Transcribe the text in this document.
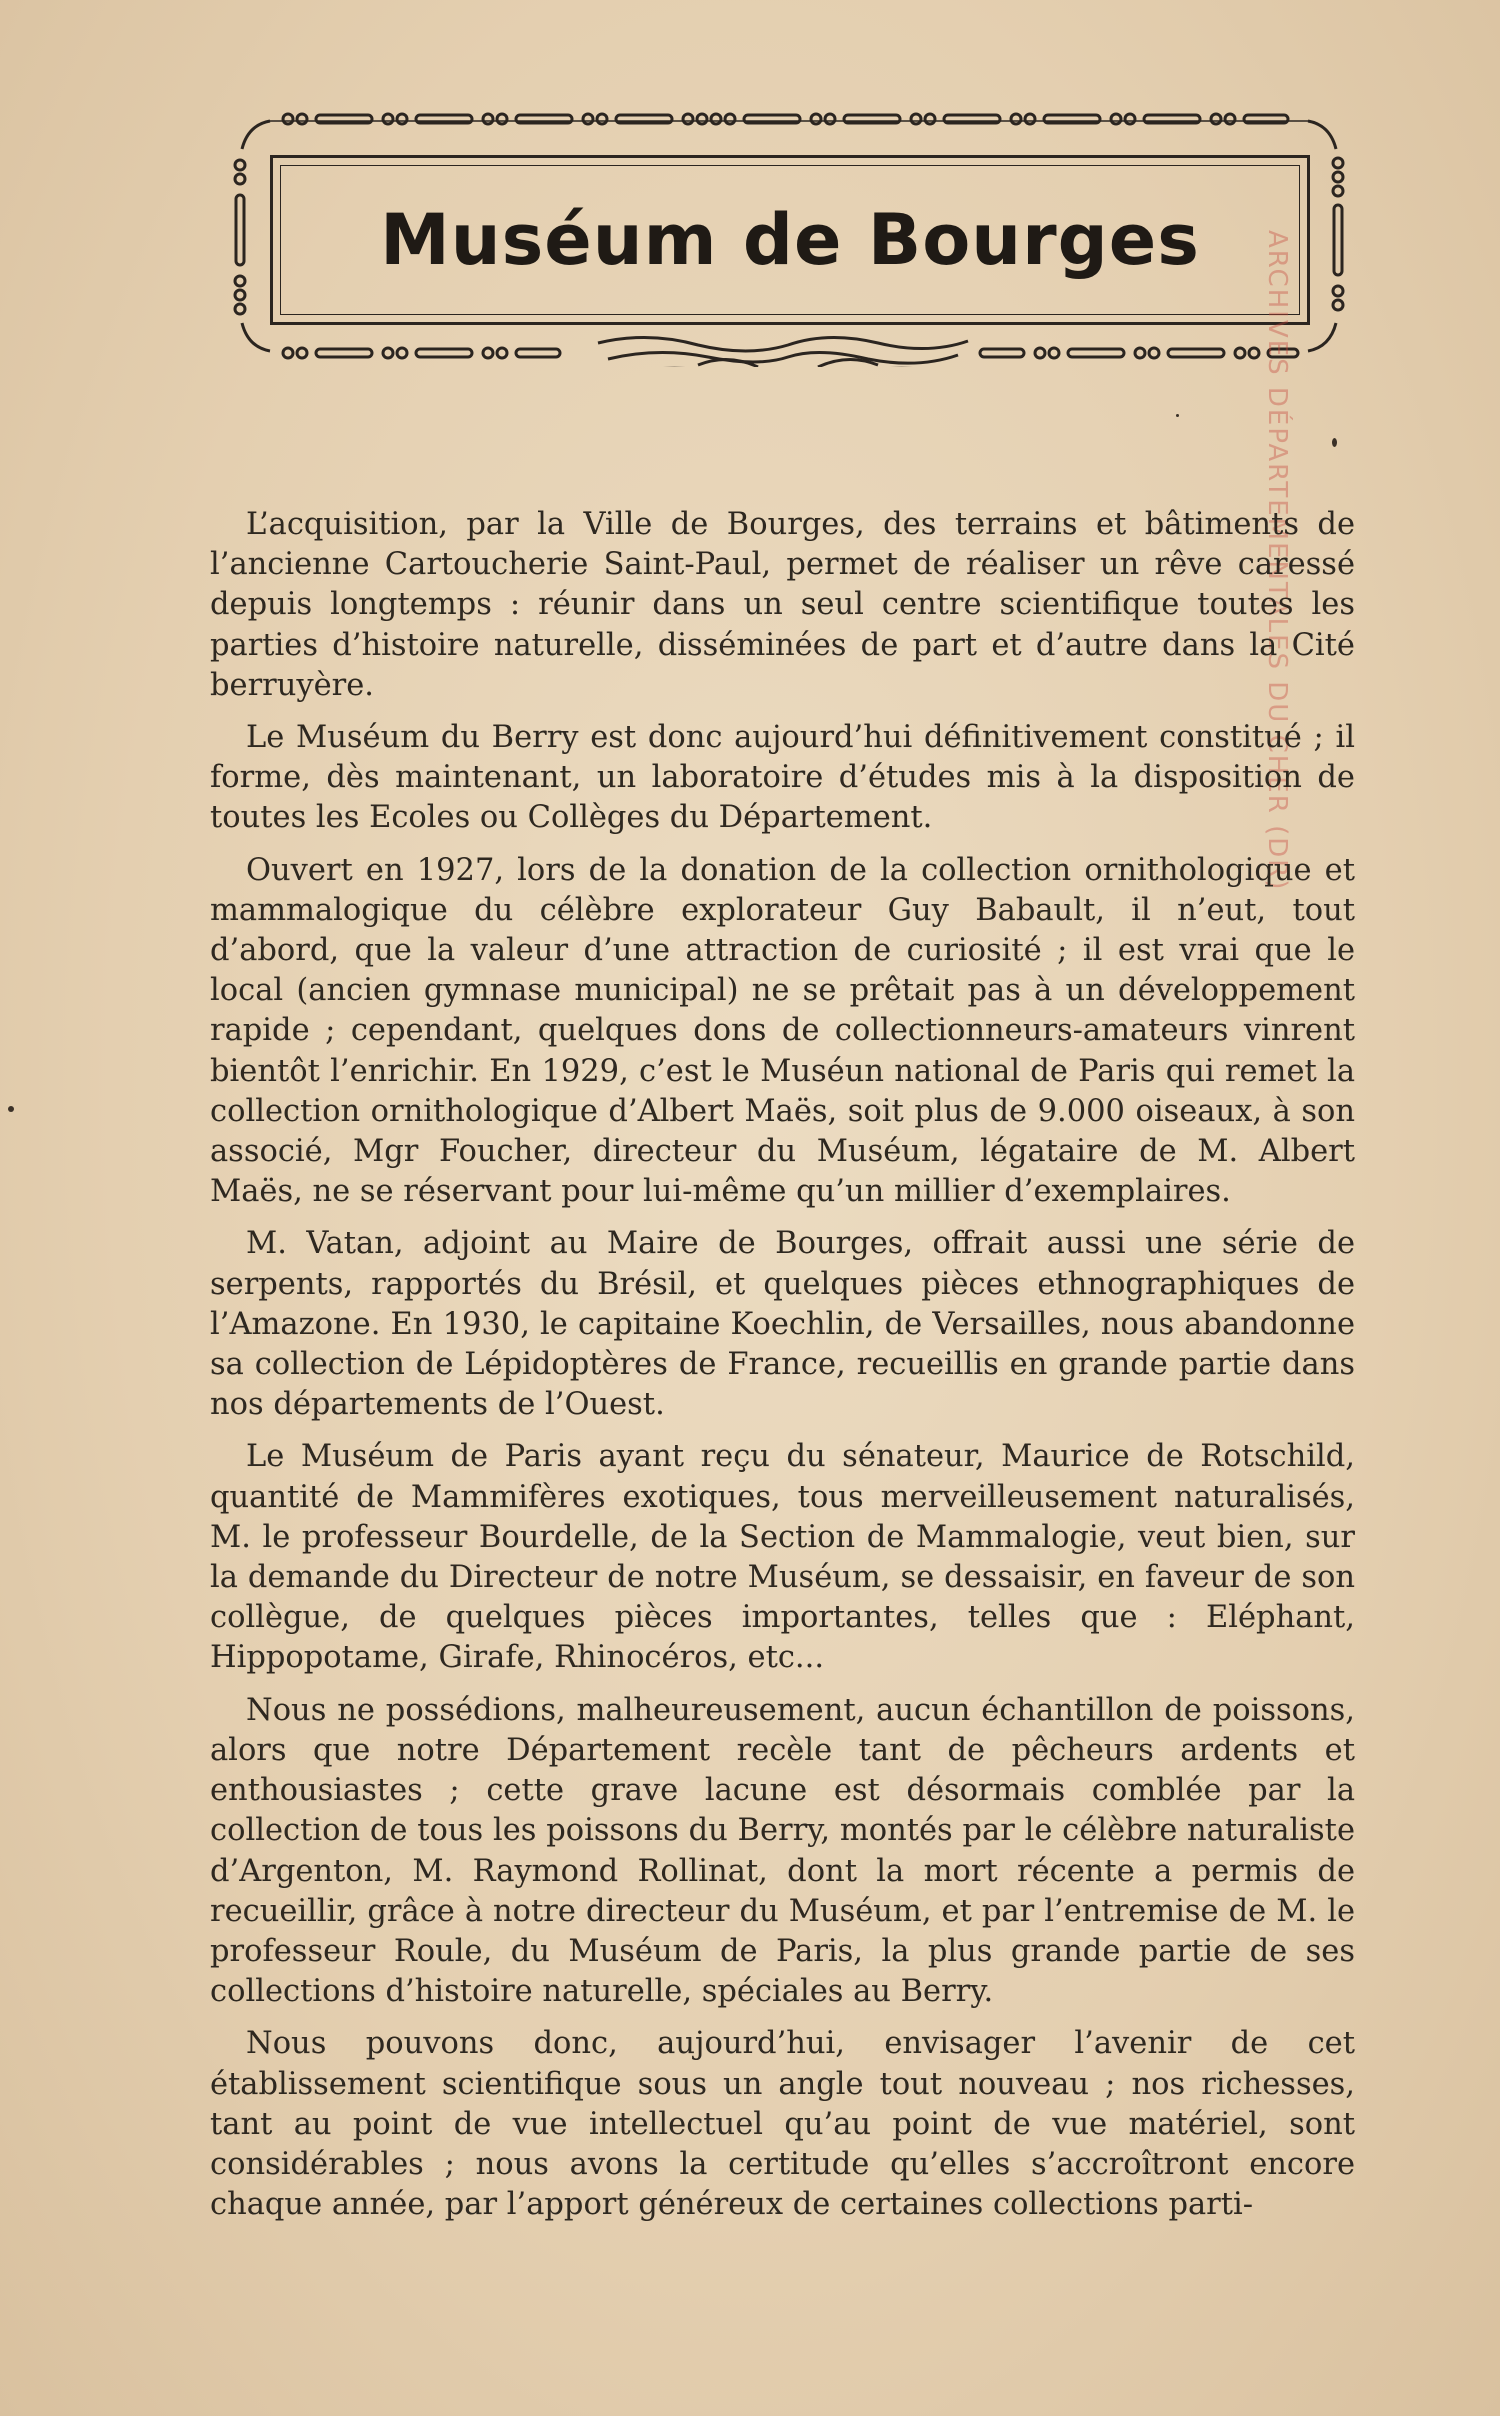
Muséum de Bourges	ARCHIVES DÉPARTEMENTALES DU CHER (DR)

L’acquisition, par la Ville de Bourges, des terrains et bâtiments de l’ancienne Cartoucherie Saint-Paul, permet de réaliser un rêve caressé depuis longtemps : réunir dans un seul centre scientifique toutes les parties d’histoire naturelle, disséminées de part et d’autre dans la Cité berruyère.

Le Muséum du Berry est donc aujourd’hui définitivement constitué ; il forme, dès maintenant, un laboratoire d’études mis à la disposition de toutes les Ecoles ou Collèges du Département.

Ouvert en 1927, lors de la donation de la collection ornithologique et mammalogique du célèbre explorateur Guy Babault, il n’eut, tout d’abord, que la valeur d’une attraction de curiosité ; il est vrai que le local (ancien gymnase municipal) ne se prêtait pas à un développement rapide ; cependant, quelques dons de collectionneurs-amateurs vinrent bientôt l’enrichir. En 1929, c’est le Muséun national de Paris qui remet la collection ornithologique d’Albert Maës, soit plus de 9.000 oiseaux, à son associé, Mgr Foucher, directeur du Muséum, légataire de M. Albert Maës, ne se réservant pour lui-même qu’un millier d’exemplaires.

M. Vatan, adjoint au Maire de Bourges, offrait aussi une série de serpents, rapportés du Brésil, et quelques pièces ethnographiques de l’Amazone. En 1930, le capitaine Koechlin, de Versailles, nous abandonne sa collection de Lépidoptères de France, recueillis en grande partie dans nos départements de l’Ouest.

Le Muséum de Paris ayant reçu du sénateur, Maurice de Rotschild, quantité de Mammifères exotiques, tous merveilleusement naturalisés, M. le professeur Bourdelle, de la Section de Mammalogie, veut bien, sur la demande du Directeur de notre Muséum, se dessaisir, en faveur de son collègue, de quelques pièces importantes, telles que : Eléphant, Hippopotame, Girafe, Rhinocéros, etc...

Nous ne possédions, malheureusement, aucun échantillon de poissons, alors que notre Département recèle tant de pêcheurs ardents et enthousiastes ; cette grave lacune est désormais comblée par la collection de tous les poissons du Berry, montés par le célèbre naturaliste d’Argenton, M. Raymond Rollinat, dont la mort récente a permis de recueillir, grâce à notre directeur du Muséum, et par l’entremise de M. le professeur Roule, du Muséum de Paris, la plus grande partie de ses collections d’histoire naturelle, spéciales au Berry.

Nous pouvons donc, aujourd’hui, envisager l’avenir de cet établissement scientifique sous un angle tout nouveau ; nos richesses, tant au point de vue intellectuel qu’au point de vue matériel, sont considérables ; nous avons la certitude qu’elles s’accroîtront encore chaque année, par l’apport généreux de certaines collections parti-
